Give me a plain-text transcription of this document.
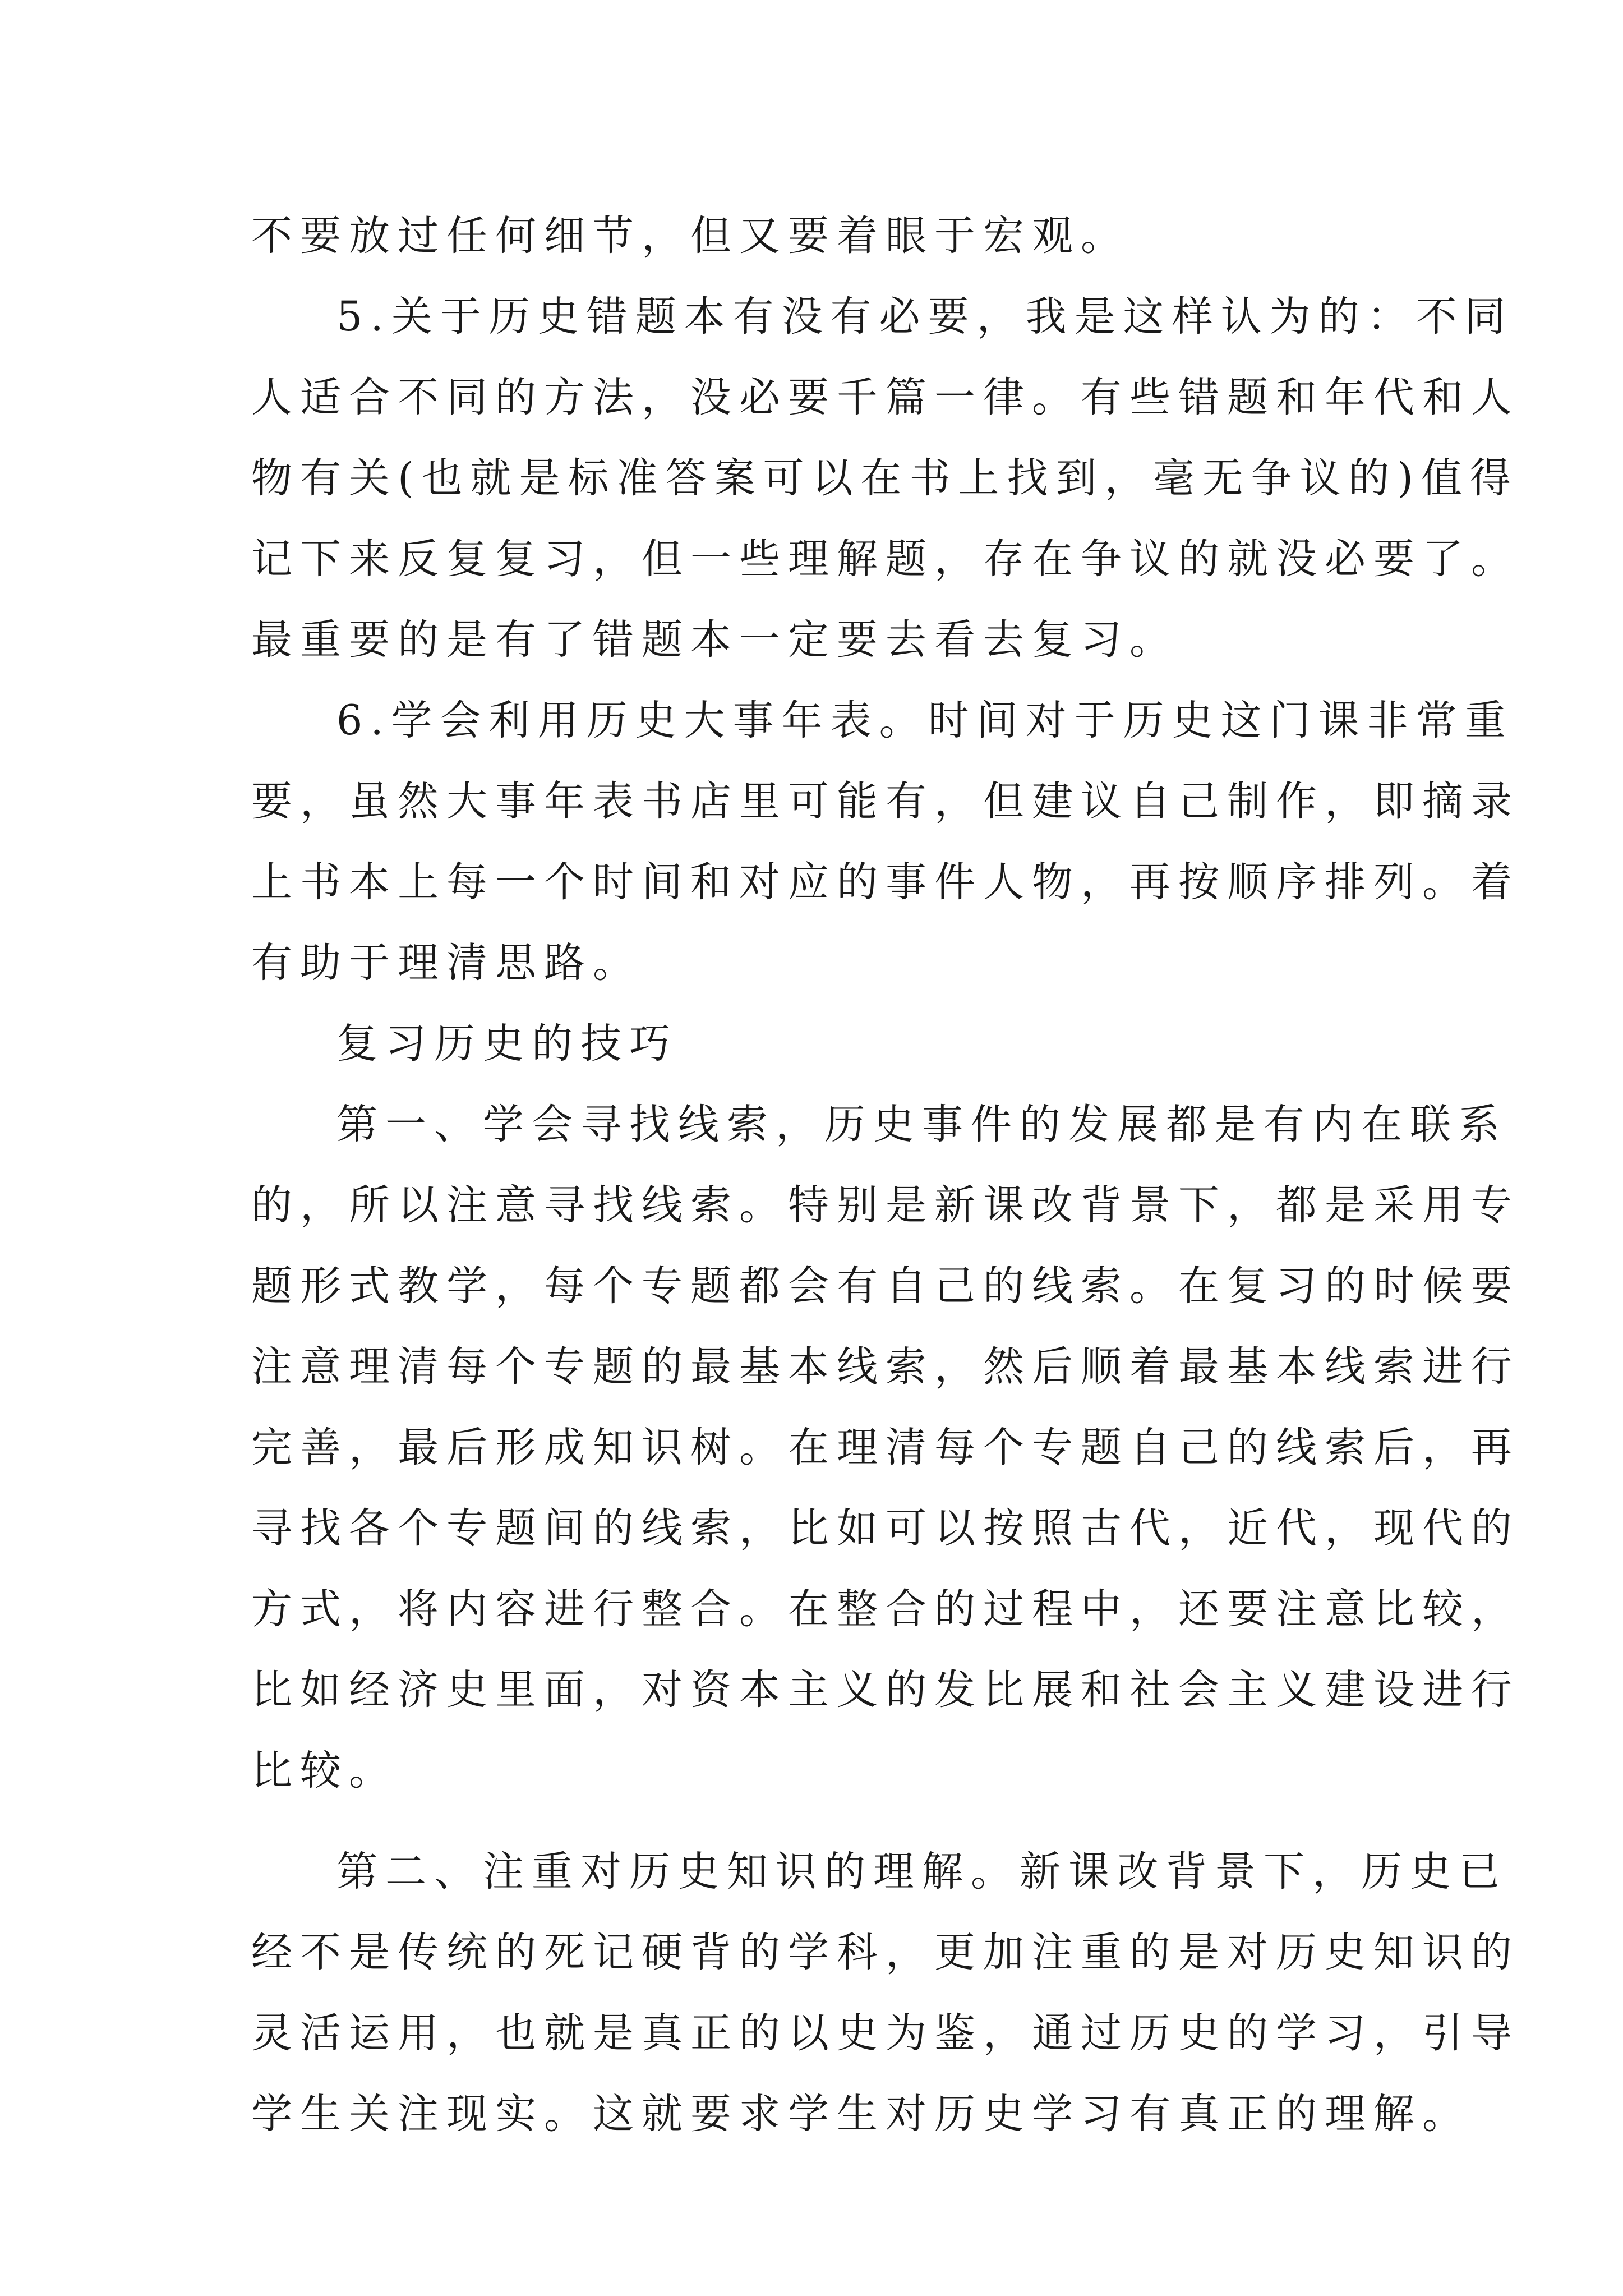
不要放过任何细节，但又要着眼于宏观。
5.关于历史错题本有没有必要，我是这样认为的：不同
人适合不同的方法，没必要千篇一律。有些错题和年代和人
物有关(也就是标准答案可以在书上找到，毫无争议的)值得
记下来反复复习，但一些理解题，存在争议的就没必要了。
最重要的是有了错题本一定要去看去复习。
6.学会利用历史大事年表。时间对于历史这门课非常重
要，虽然大事年表书店里可能有，但建议自己制作，即摘录
上书本上每一个时间和对应的事件人物，再按顺序排列。着
有助于理清思路。
复习历史的技巧
第一、学会寻找线索，历史事件的发展都是有内在联系
的，所以注意寻找线索。特别是新课改背景下，都是采用专
题形式教学，每个专题都会有自己的线索。在复习的时候要
注意理清每个专题的最基本线索，然后顺着最基本线索进行
完善，最后形成知识树。在理清每个专题自己的线索后，再
寻找各个专题间的线索，比如可以按照古代，近代，现代的
方式，将内容进行整合。在整合的过程中，还要注意比较，
比如经济史里面，对资本主义的发比展和社会主义建设进行
比较。
第二、注重对历史知识的理解。新课改背景下，历史已
经不是传统的死记硬背的学科，更加注重的是对历史知识的
灵活运用，也就是真正的以史为鉴，通过历史的学习，引导
学生关注现实。这就要求学生对历史学习有真正的理解。
